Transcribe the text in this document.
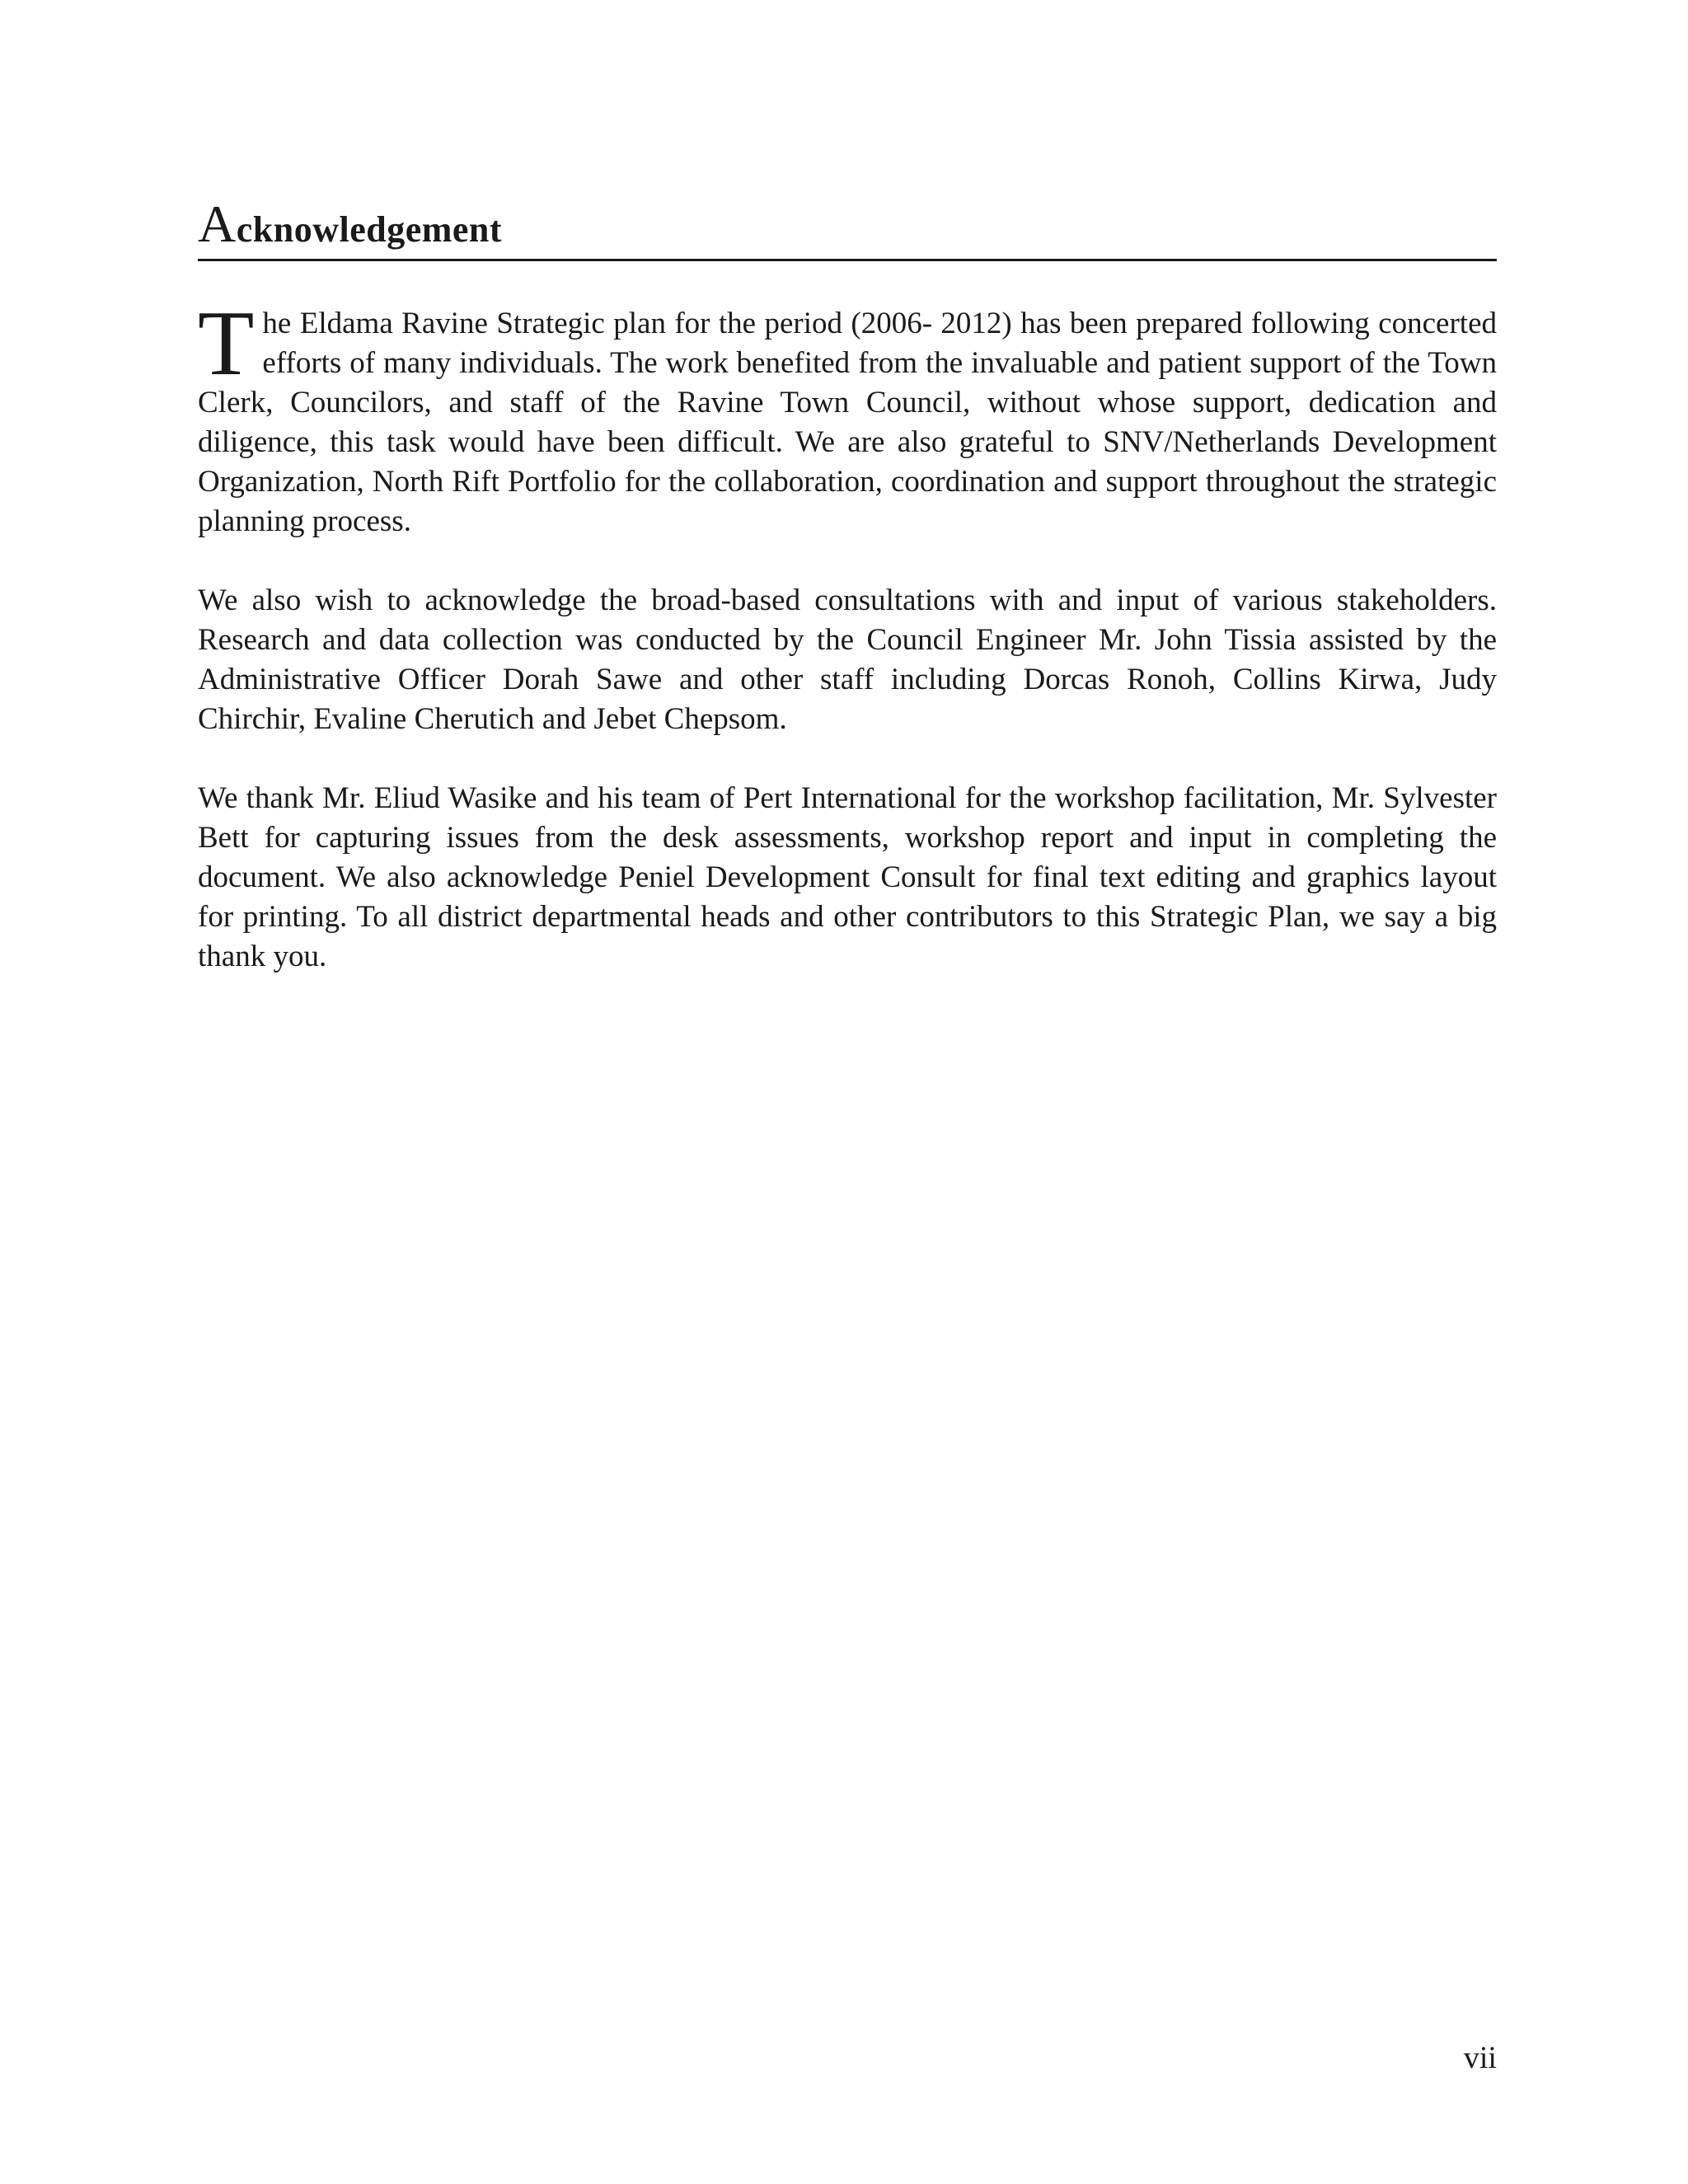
Acknowledgement

The Eldama Ravine Strategic plan for the period (2006- 2012) has been prepared following concerted efforts of many individuals. The work benefited from the invaluable and patient support of the Town Clerk, Councilors, and staff of the Ravine Town Council, without whose support, dedication and diligence, this task would have been difficult. We are also grateful to SNV/Netherlands Development Organization, North Rift Portfolio for the collaboration, coordination and support throughout the strategic planning process.

We also wish to acknowledge the broad-based consultations with and input of various stakeholders. Research and data collection was conducted by the Council Engineer Mr. John Tissia assisted by the Administrative Officer Dorah Sawe and other staff including Dorcas Ronoh, Collins Kirwa, Judy Chirchir, Evaline Cherutich and Jebet Chepsom.

We thank Mr. Eliud Wasike and his team of Pert International for the workshop facilitation, Mr. Sylvester Bett for capturing issues from the desk assessments, workshop report and input in completing the document. We also acknowledge Peniel Development Consult for final text editing and graphics layout for printing. To all district departmental heads and other contributors to this Strategic Plan, we say a big thank you.

vii
